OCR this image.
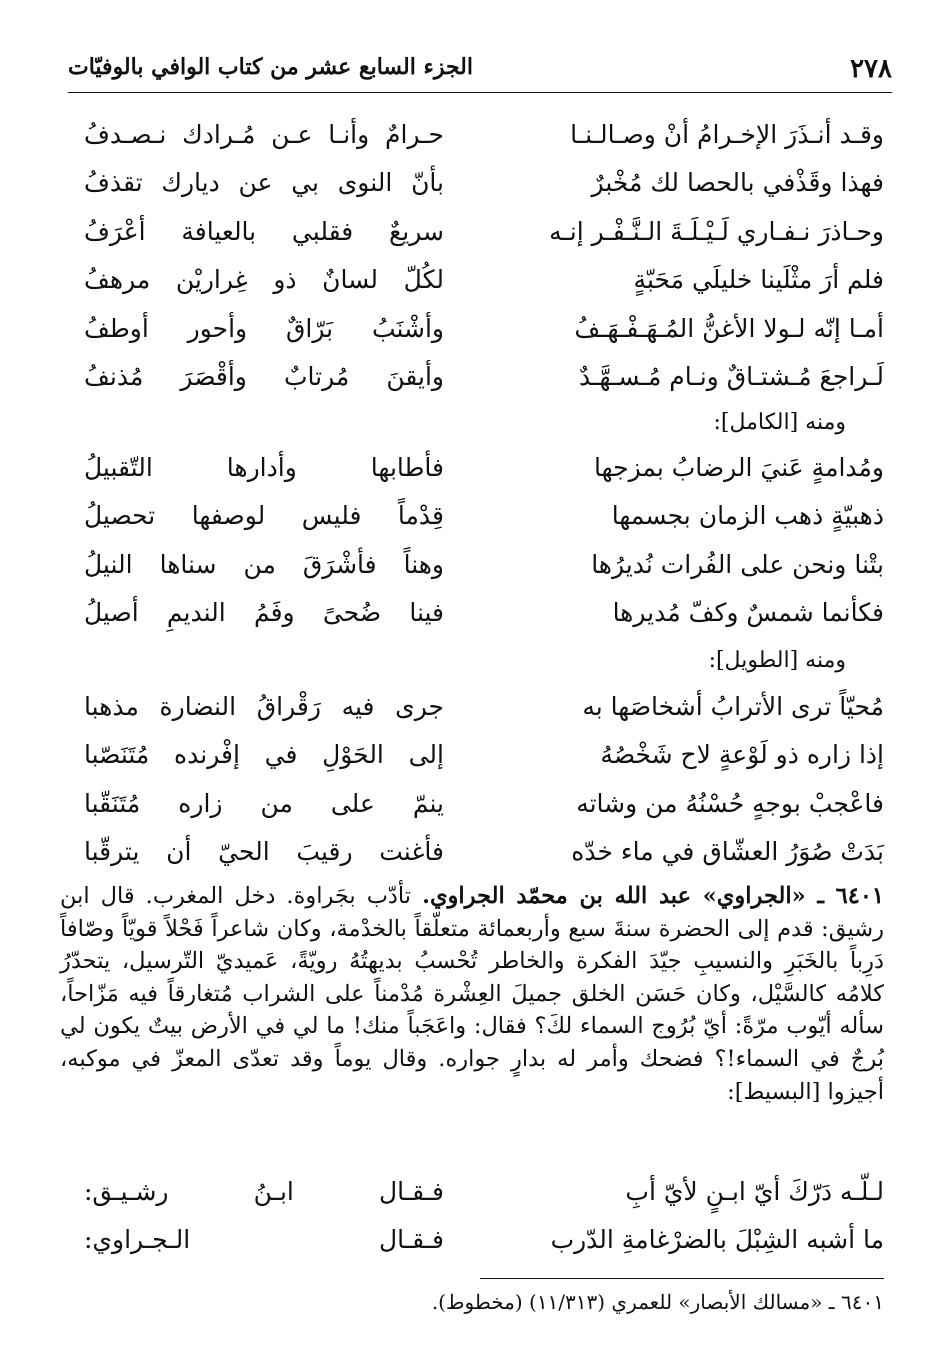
٢٧٨
الجزء السابع عشر من كتاب الوافي بالوفيّات
وقـد أنـذَرَ الإخـرامُ أنْ وصـالـنـا
حـرامٌ وأنـا عـن مُـرادك نـصـدفُ
فهذا وقَذْفي بالحصا لك مُخْبرٌ
بأنّ النوى بي عن ديارك تقذفُ
وحـاذرَ نـفـاري لَـيْـلَـةَ الـنَّـفْـر إنـه
سريعٌ فقلبي بالعيافة أعْرَفُ
فلم أرَ مثْلَينا خليلَي مَحَبّةٍ
لكُلّ لسانٌ ذو غِراريْن مرهفُ
أمـا إنّه لـولا الأغنُّ المُـهَـفْـهَـفُ
وأشْنَبُ بَرّاقٌ وأحور أوطفُ
لَـراجعَ مُـشتـاقٌ ونـام مُـسـهَّـدٌ
وأيقنَ مُرتابٌ وأقْصَرَ مُذنفُ
ومنه [الكامل]:
ومُدامةٍ عَنيَ الرضابُ بمزجها
فأطابها وأدارها التّقبيلُ
ذهبيّةٍ ذهب الزمان بجسمها
قِدْماً فليس لوصفها تحصيلُ
بتْنا ونحن على الفُرات نُديرُها
وهناً فأشْرَقَ من سناها النيلُ
فكأنما شمسٌ وكفّ مُديرها
فينا ضُحىً وفَمُ النديمِ أصيلُ
ومنه [الطويل]:
مُحيّاً ترى الأترابُ أشخاصَها به
جرى فيه رَقْراقُ النضارة مذهبا
إذا زاره ذو لَوْعةٍ لاح شَخْصُهُ
إلى الحَوْلِ في إفْرنده مُتَنَصّبا
فاعْجبْ بوجهٍ حُسْنُهُ من وشاته
ينمّ على من زاره مُتَنَقّبا
بَدَتْ صُوَرُ العشّاق في ماء خدّه
فأغنت رقيبَ الحيّ أن يترقّبا
٦٤٠١ ـ «الجراوي» عبد الله بن محمّد الجراوي. تأدّب بجَراوة. دخل المغرب. قال ابن رشيق: قدم إلى الحضرة سنةَ سبع وأربعمائة متعلّقاً بالخدْمة، وكان شاعراً فَحْلاً قويّاً وصّافاً دَرِباً بالخَبَرِ والنسيبِ جيّدَ الفكرة والخاطر تُحْسبُ بديهتُهُ رويّةً، عَميديّ التّرسيل، يتحدّرُ كلامُه كالسَّيْل، وكان حَسَن الخلق جميلَ العِشْرة مُدْمناً على الشراب مُتغارقاً فيه مَزّاحاً، سأله أيّوب مرّةً: أيّ بُرُوج السماء لكَ؟ فقال: واعَجَباً منك! ما لي في الأرض بيتٌ يكون لي بُرجٌ في السماء!؟ فضحك وأمر له بدارٍ جواره. وقال يوماً وقد تعدّى المعزّ في موكبه، أجيزوا [البسيط]:
لـلّـه دَرّكَ أيّ ابـنٍ لأيّ أبِ
فـقـال ابـنُ رشـيـق:
ما أشبه الشِبْلَ بالضرْغامةِ الدّرب
فـقـال الـجـراوي:
٦٤٠١ ـ «مسالك الأبصار» للعمري (١١/٣١٣) (مخطوط).
